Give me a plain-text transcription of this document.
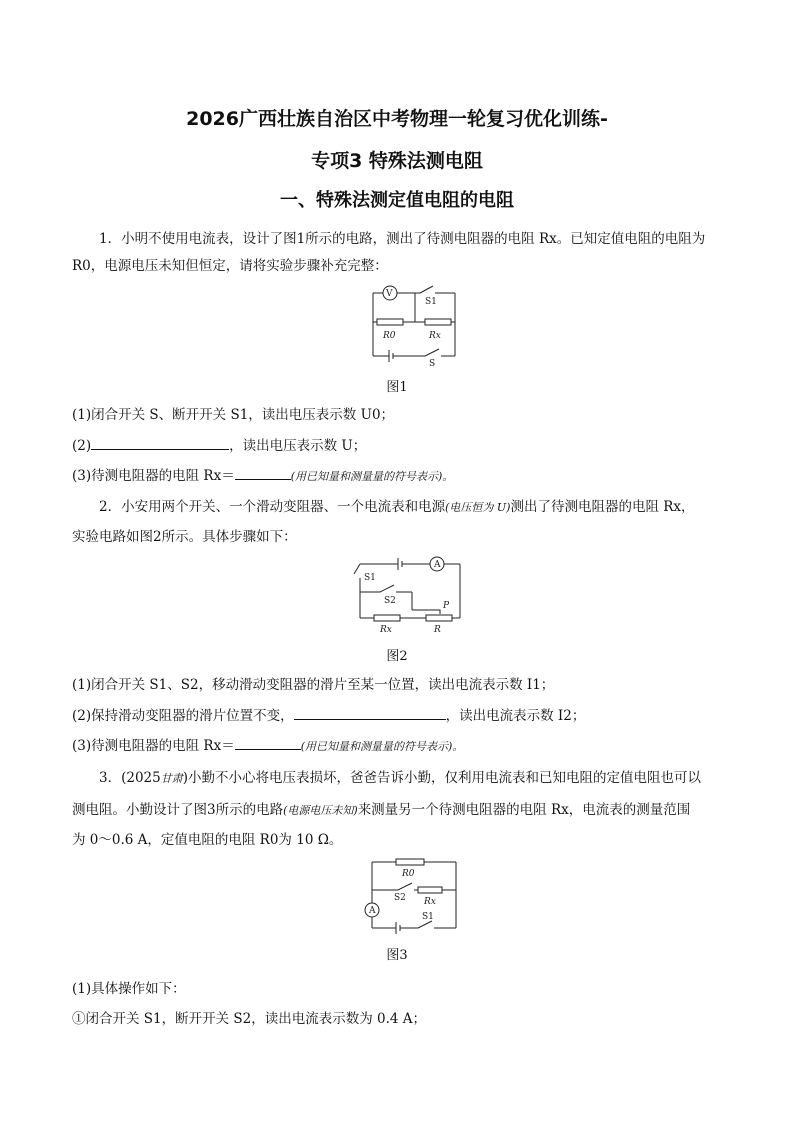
2026广西壮族自治区中考物理一轮复习优化训练-
专项3 特殊法测电阻
一、特殊法测定值电阻的电阻
1．小明不使用电流表，设计了图1所示的电路，测出了待测电阻器的电阻 Rx。已知定值电阻的电阻为
R0，电源电压未知但恒定，请将实验步骤补充完整：
V
S1
R0	Rx
S
图1
(1)闭合开关 S、断开开关 S1，读出电压表示数 U0；
(2)	，读出电压表示数 U；
(3)待测电阻器的电阻 Rx＝	(用已知量和测量量的符号表示)。
2．小安用两个开关、一个滑动变阻器、一个电流表和电源(电压恒为 U)测出了待测电阻器的电阻 Rx，
实验电路如图2所示。具体步骤如下：
A
S1
S2	P
Rx	R
图2
(1)闭合开关 S1、S2，移动滑动变阻器的滑片至某一位置，读出电流表示数 I1；
(2)保持滑动变阻器的滑片位置不变，	，读出电流表示数 I2；
(3)待测电阻器的电阻 Rx＝	(用已知量和测量量的符号表示)。
3．(2025甘肃)小勤不小心将电压表损坏，爸爸告诉小勤，仅利用电流表和已知电阻的定值电阻也可以
测电阻。小勤设计了图3所示的电路(电源电压未知)来测量另一个待测电阻器的电阻 Rx，电流表的测量范围
为 0～0.6 A，定值电阻的电阻 R0为 10 Ω。
A
R0
S2 Rx
S1
图3
(1)具体操作如下：
①闭合开关 S1，断开开关 S2，读出电流表示数为 0.4 A；
